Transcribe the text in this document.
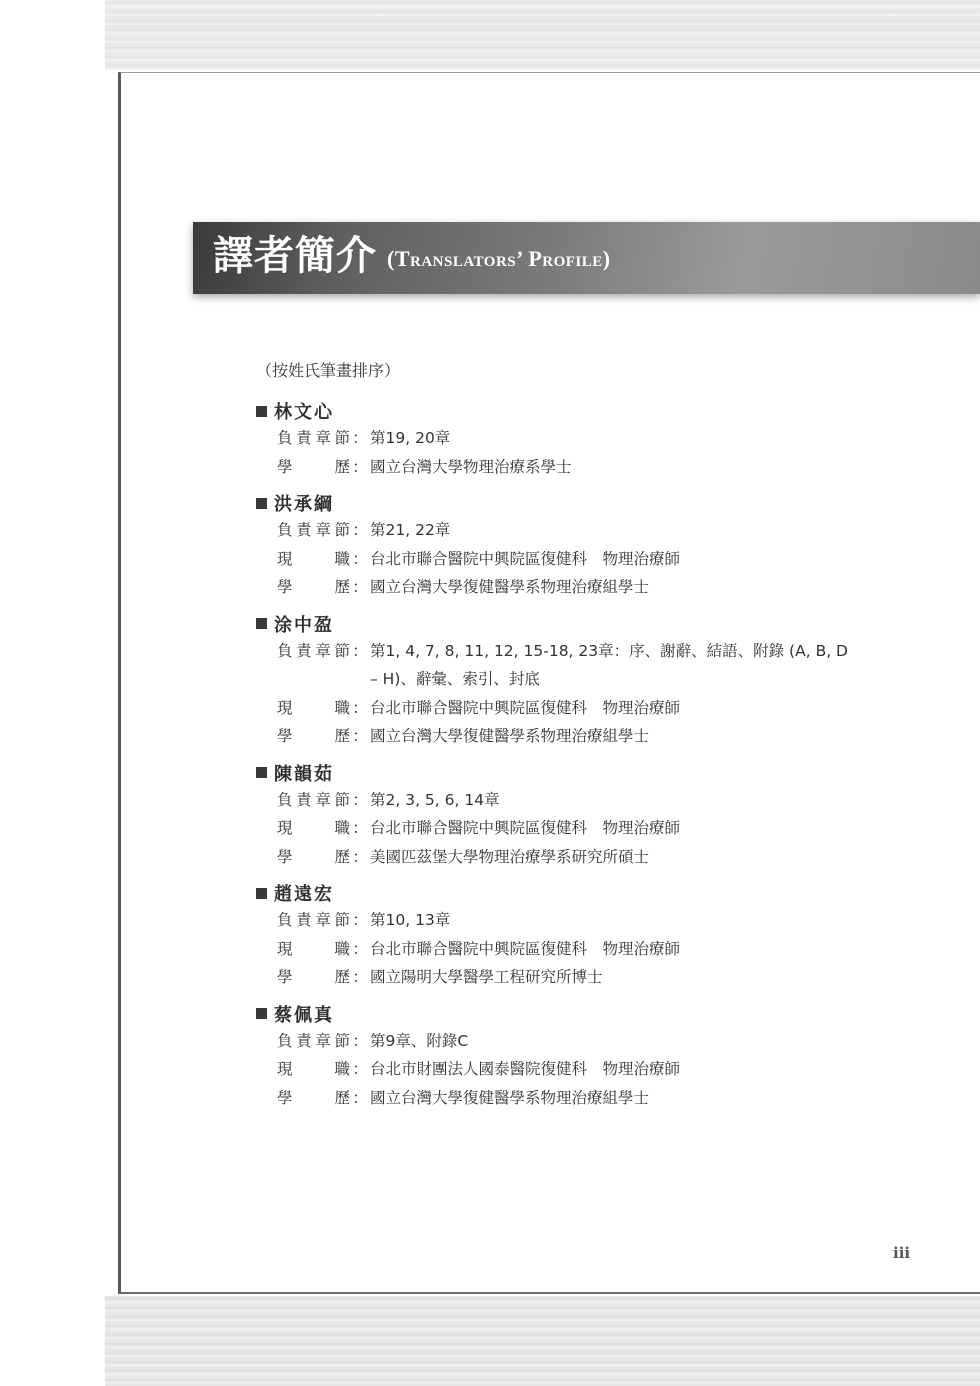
譯者簡介 (Translators’ Profile)

（按姓氏筆畫排序）

林文心
負責章節 ： 第19, 20章
學歷 ： 國立台灣大學物理治療系學士
洪承綱
負責章節 ： 第21, 22章
現職 ： 台北市聯合醫院中興院區復健科　物理治療師
學歷 ： 國立台灣大學復健醫學系物理治療組學士
涂中盈
負責章節 ： 第1, 4, 7, 8, 11, 12, 15-18, 23章：序、謝辭、結語、附錄 (A, B, D – H)、辭彙、索引、封底
現職 ： 台北市聯合醫院中興院區復健科　物理治療師
學歷 ： 國立台灣大學復健醫學系物理治療組學士
陳韻茹
負責章節 ： 第2, 3, 5, 6, 14章
現職 ： 台北市聯合醫院中興院區復健科　物理治療師
學歷 ： 美國匹茲堡大學物理治療學系研究所碩士
趙遠宏
負責章節 ： 第10, 13章
現職 ： 台北市聯合醫院中興院區復健科　物理治療師
學歷 ： 國立陽明大學醫學工程研究所博士
蔡佩真
負責章節 ： 第9章、附錄C
現職 ： 台北市財團法人國泰醫院復健科　物理治療師
學歷 ： 國立台灣大學復健醫學系物理治療組學士

iii
